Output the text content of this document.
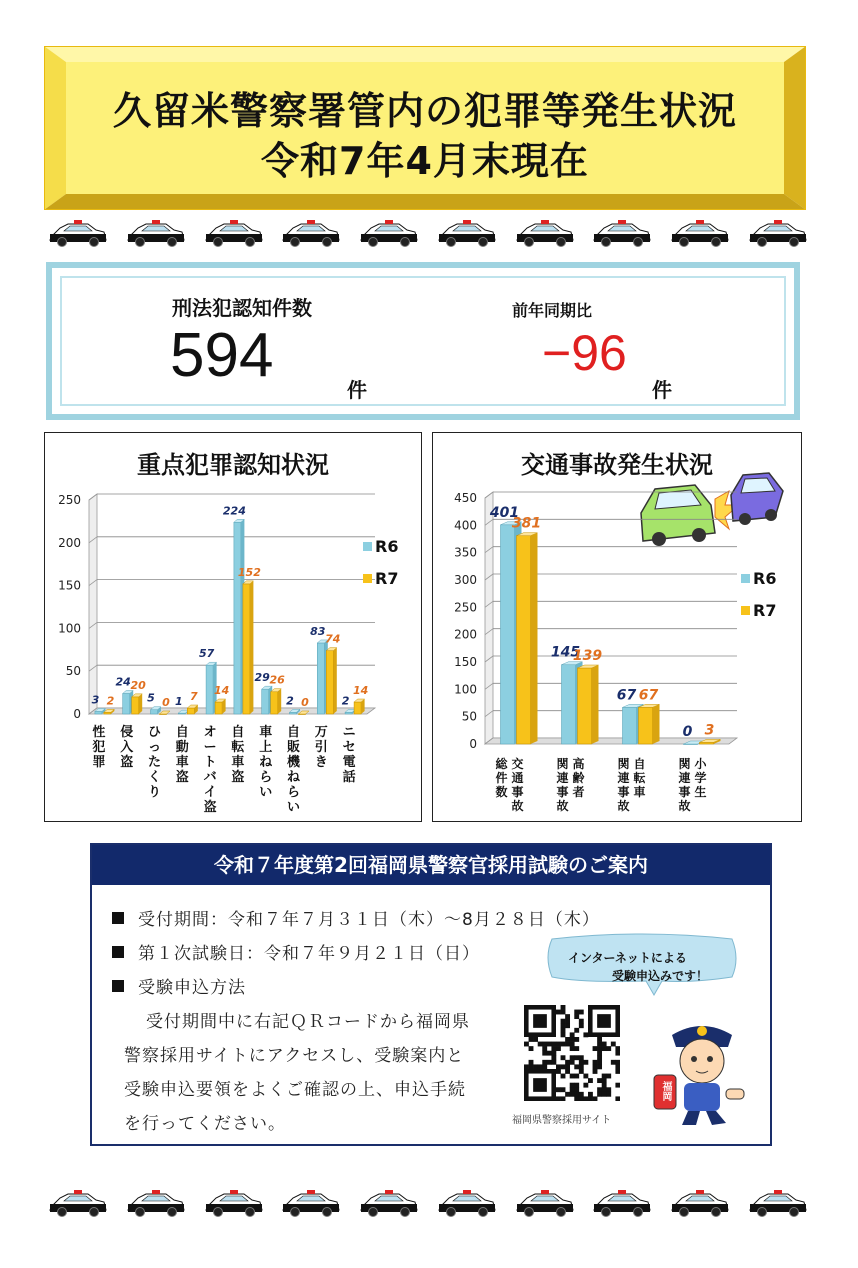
久留米警察署管内の犯罪等発生状況
令和7年4月末現在
刑法犯認知件数
594	件
前年同期比
−96
件
重点犯罪認知状況
0
50
100
150
200
250
3 2
性
犯
罪
24 20
侵
入
盗
5 0
ひ
っ
た
く
り
1 7
自
動
車
盗
57
14
オ
ー
ト
バ
イ
盗
224
152
自
転
車
盗
29 26
車
上
ね
ら
い
2 0
自
販
機
ね
ら
い
83
74
万
引
き
2
14
ニ
セ
電
話
R6
R7
交通事故発生状況
0
50
100
150
200
250
300
350
400
450
401
381
総
件
数
交
通
事
故
145
139
関
連
事
故
高
齢
者
67 67
関
連
事
故
自
転
車
0 3
関
連
事
故
小
学
生
R6
R7
令和７年度第2回福岡県警察官採用試験のご案内
受付期間：令和７年７月３１日（木）～8月２８日（木）
第１次試験日：令和７年９月２１日（日）
受験申込方法
受付期間中に右記ＱＲコードから福岡県
警察採用サイトにアクセスし、受験案内と
受験申込要領をよくご確認の上、申込手続
を行ってください。
インターネットによる
受験申込みです！
福岡県警察採用サイト
福岡
